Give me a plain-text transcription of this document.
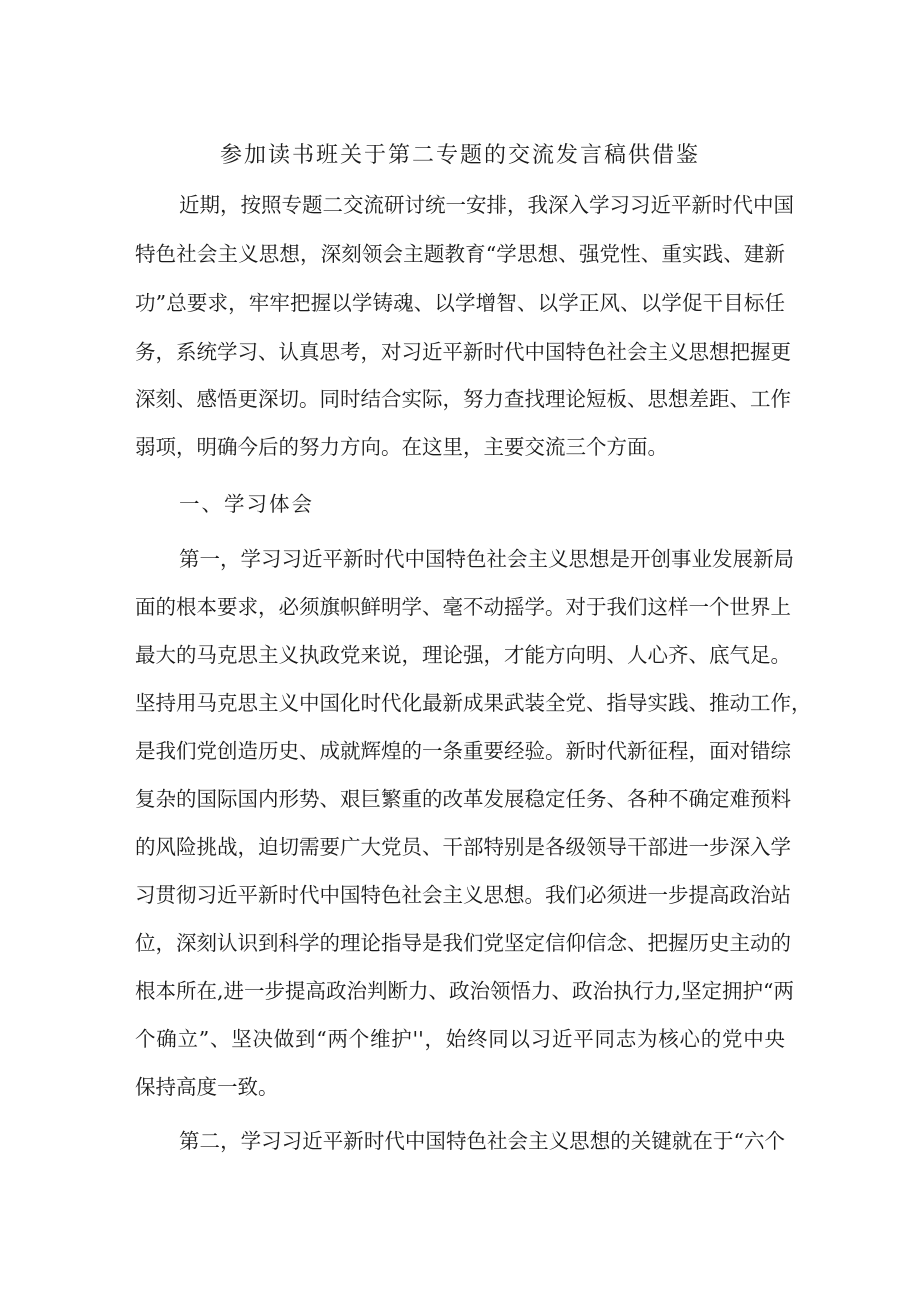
参加读书班关于第二专题的交流发言稿供借鉴
近期，按照专题二交流研讨统一安排，我深入学习习近平新时代中国
特色社会主义思想，深刻领会主题教育“学思想、强党性、重实践、建新
功”总要求，牢牢把握以学铸魂、以学增智、以学正风、以学促干目标任
务，系统学习、认真思考，对习近平新时代中国特色社会主义思想把握更
深刻、感悟更深切。同时结合实际，努力查找理论短板、思想差距、工作
弱项，明确今后的努力方向。在这里，主要交流三个方面。
一、学习体会
第一，学习习近平新时代中国特色社会主义思想是开创事业发展新局
面的根本要求，必须旗帜鲜明学、毫不动摇学。对于我们这样一个世界上
最大的马克思主义执政党来说，理论强，才能方向明、人心齐、底气足。
坚持用马克思主义中国化时代化最新成果武装全党、指导实践、推动工作，
是我们党创造历史、成就辉煌的一条重要经验。新时代新征程，面对错综
复杂的国际国内形势、艰巨繁重的改革发展稳定任务、各种不确定难预料
的风险挑战，迫切需要广大党员、干部特别是各级领导干部进一步深入学
习贯彻习近平新时代中国特色社会主义思想。我们必须进一步提高政治站
位，深刻认识到科学的理论指导是我们党坚定信仰信念、把握历史主动的
根本所在,进一步提高政治判断力、政治领悟力、政治执行力,坚定拥护“两
个确立”、坚决做到“两个维护''，始终同以习近平同志为核心的党中央
保持高度一致。
第二，学习习近平新时代中国特色社会主义思想的关键就在于“六个
